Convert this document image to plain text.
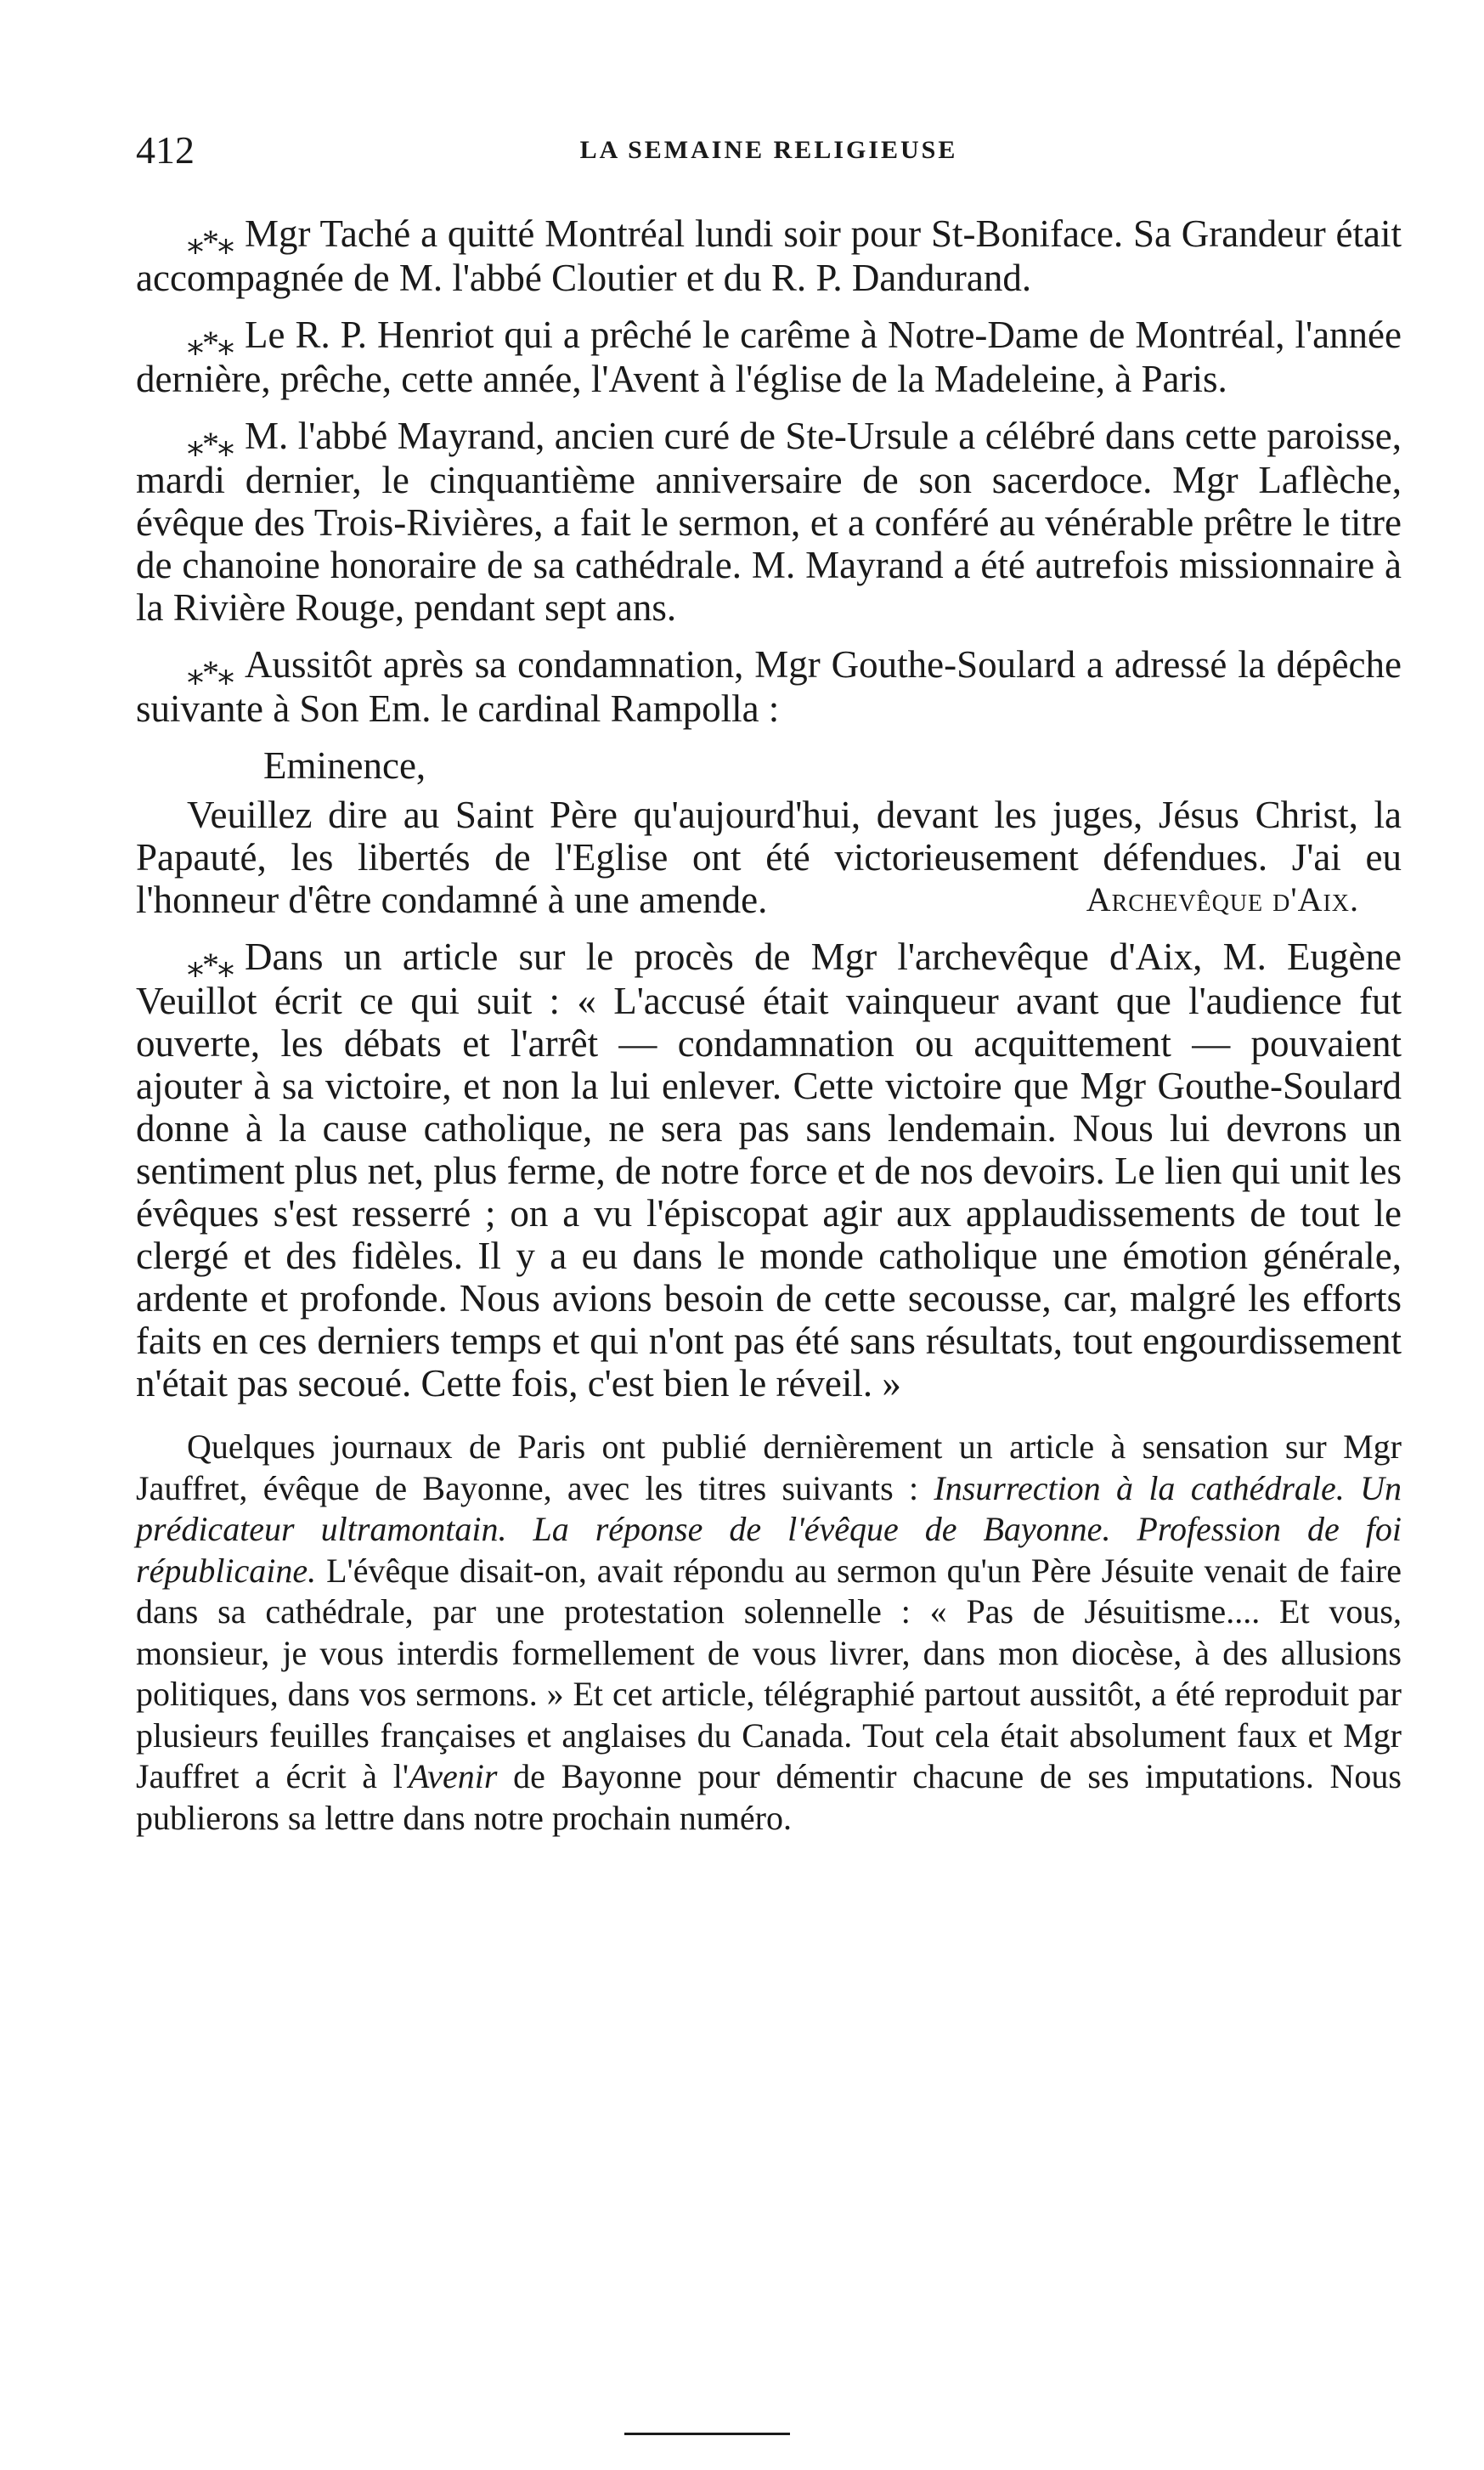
412	LA SEMAINE RELIGIEUSE

⁎*⁎ Mgr Taché a quitté Montréal lundi soir pour St-Boniface. Sa Grandeur était accompagnée de M. l'abbé Cloutier et du R. P. Dandurand.

⁎*⁎ Le R. P. Henriot qui a prêché le carême à Notre-Dame de Montréal, l'année dernière, prêche, cette année, l'Avent à l'église de la Madeleine, à Paris.

⁎*⁎ M. l'abbé Mayrand, ancien curé de Ste-Ursule a célébré dans cette paroisse, mardi dernier, le cinquantième anniversaire de son sacerdoce. Mgr Laflèche, évêque des Trois-Rivières, a fait le sermon, et a conféré au vénérable prêtre le titre de chanoine honoraire de sa cathédrale. M. Mayrand a été autrefois missionnaire à la Rivière Rouge, pendant sept ans.

⁎*⁎ Aussitôt après sa condamnation, Mgr Gouthe-Soulard a adressé la dépêche suivante à Son Em. le cardinal Rampolla :

Eminence,

Veuillez dire au Saint Père qu'aujourd'hui, devant les juges, Jésus Christ, la Papauté, les libertés de l'Eglise ont été victorieusement défendues. J'ai eu l'honneur d'être condamné à une amende.	Archevêque d'Aix.

⁎*⁎ Dans un article sur le procès de Mgr l'archevêque d'Aix, M. Eugène Veuillot écrit ce qui suit : « L'accusé était vainqueur avant que l'audience fut ouverte, les débats et l'arrêt — condamnation ou acquittement — pouvaient ajouter à sa victoire, et non la lui enlever. Cette victoire que Mgr Gouthe-Soulard donne à la cause catholique, ne sera pas sans lendemain. Nous lui devrons un sentiment plus net, plus ferme, de notre force et de nos devoirs. Le lien qui unit les évêques s'est resserré ; on a vu l'épiscopat agir aux applaudissements de tout le clergé et des fidèles. Il y a eu dans le monde catholique une émotion générale, ardente et profonde. Nous avions besoin de cette secousse, car, malgré les efforts faits en ces derniers temps et qui n'ont pas été sans résultats, tout engourdissement n'était pas secoué. Cette fois, c'est bien le réveil. »

Quelques journaux de Paris ont publié dernièrement un article à sensation sur Mgr Jauffret, évêque de Bayonne, avec les titres suivants : Insurrection à la cathédrale. Un prédicateur ultramontain. La réponse de l'évêque de Bayonne. Profession de foi républicaine. L'évêque disait-on, avait répondu au sermon qu'un Père Jésuite venait de faire dans sa cathédrale, par une protestation solennelle : « Pas de Jésuitisme.... Et vous, monsieur, je vous interdis formellement de vous livrer, dans mon diocèse, à des allusions politiques, dans vos sermons. » Et cet article, télégraphié partout aussitôt, a été reproduit par plusieurs feuilles françaises et anglaises du Canada. Tout cela était absolument faux et Mgr Jauffret a écrit à l'Avenir de Bayonne pour démentir chacune de ses imputations. Nous publierons sa lettre dans notre prochain numéro.
